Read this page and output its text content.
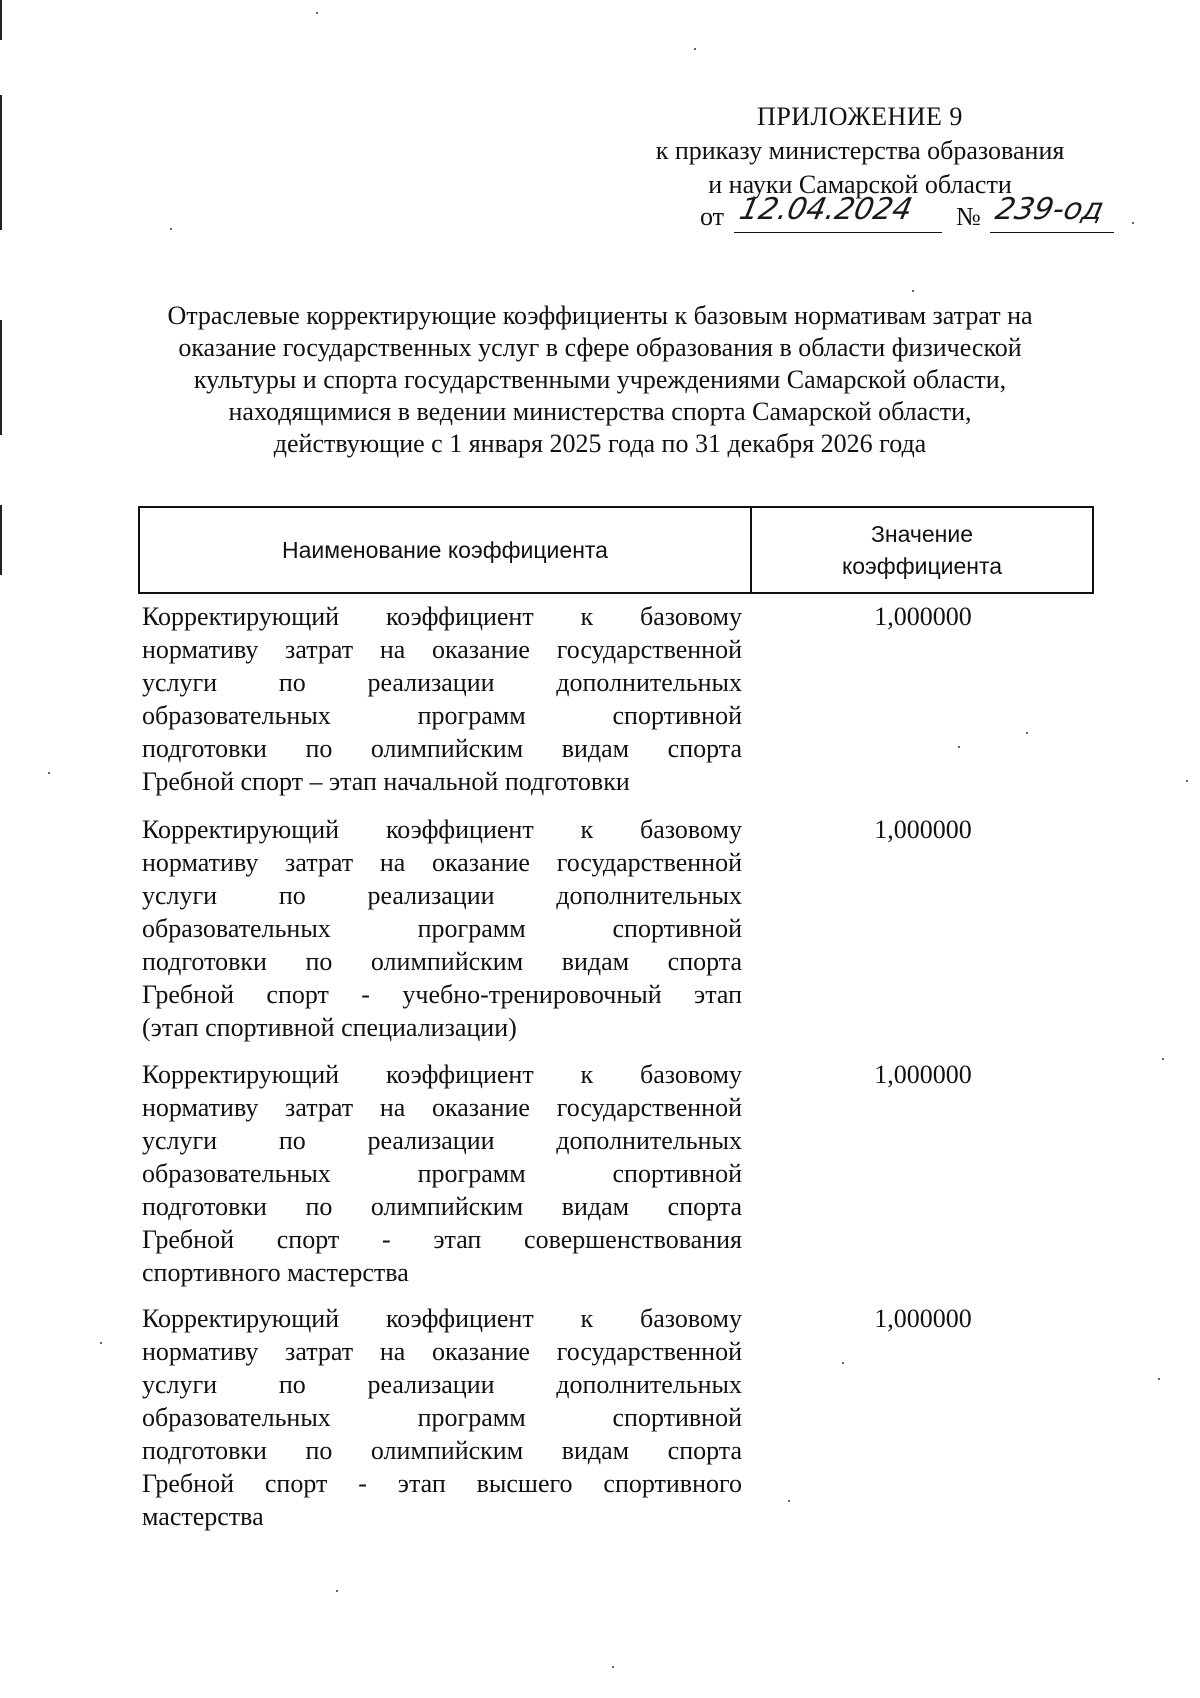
ПРИЛОЖЕНИЕ 9
к приказу министерства образования
и науки Самарской области
от 12.04.2024 № 239-од
Отраслевые корректирующие коэффициенты к базовым нормативам затрат на
оказание государственных услуг в сфере образования в области физической
культуры и спорта государственными учреждениями Самарской области,
находящимися в ведении министерства спорта Самарской области,
действующие с 1 января 2025 года по 31 декабря 2026 года
Наименование коэффициента
Значение
коэффициента
Корректирующий коэффициент к базовому
нормативу затрат на оказание государственной
услуги по реализации дополнительных
образовательных программ спортивной
подготовки по олимпийским видам спорта
Гребной спорт – этап начальной подготовки
1,000000
Корректирующий коэффициент к базовому
нормативу затрат на оказание государственной
услуги по реализации дополнительных
образовательных программ спортивной
подготовки по олимпийским видам спорта
Гребной спорт - учебно-тренировочный этап
(этап спортивной специализации)
1,000000
Корректирующий коэффициент к базовому
нормативу затрат на оказание государственной
услуги по реализации дополнительных
образовательных программ спортивной
подготовки по олимпийским видам спорта
Гребной спорт - этап совершенствования
спортивного мастерства
1,000000
Корректирующий коэффициент к базовому
нормативу затрат на оказание государственной
услуги по реализации дополнительных
образовательных программ спортивной
подготовки по олимпийским видам спорта
Гребной спорт - этап высшего спортивного
мастерства
1,000000
